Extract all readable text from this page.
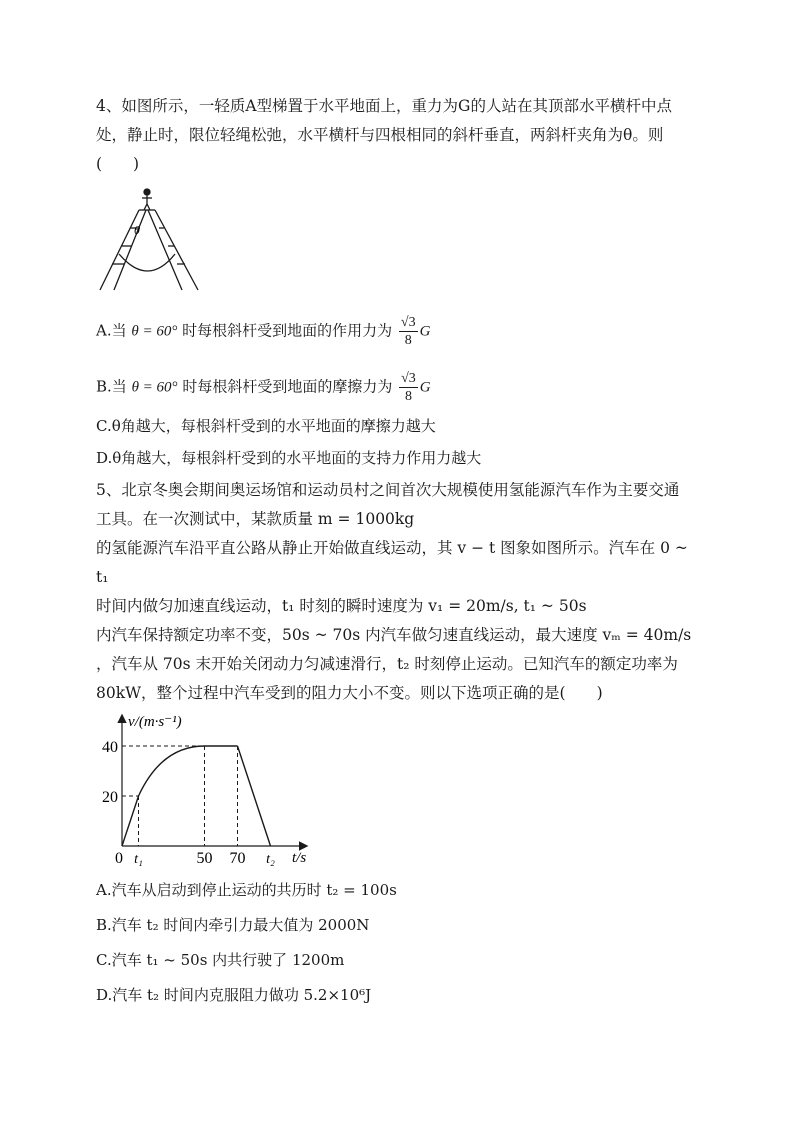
4、如图所示，一轻质A型梯置于水平地面上，重力为G的人站在其顶部水平横杆中点处，静止时，限位轻绳松弛，水平横杆与四根相同的斜杆垂直，两斜杆夹角为θ。则(　　)
θ
A.当 θ = 60° 时每根斜杆受到地面的作用力为 $\frac{√3}{8}$ G
B.当 θ = 60° 时每根斜杆受到地面的摩擦力为 $\frac{√3}{8}$ G
C.θ角越大，每根斜杆受到的水平地面的摩擦力越大
D.θ角越大，每根斜杆受到的水平地面的支持力作用力越大
5、北京冬奥会期间奥运场馆和运动员村之间首次大规模使用氢能源汽车作为主要交通
工具。在一次测试中，某款质量 m = 1000kg
的氢能源汽车沿平直公路从静止开始做直线运动，其 v − t 图象如图所示。汽车在 0 ~ t₁
时间内做匀加速直线运动，t₁ 时刻的瞬时速度为 v₁ = 20m/s, t₁ ~ 50s
内汽车保持额定功率不变，50s ~ 70s 内汽车做匀速直线运动，最大速度 vₘ = 40m/s
，汽车从 70s 末开始关闭动力匀减速滑行，t₂ 时刻停止运动。已知汽车的额定功率为
80kW，整个过程中汽车受到的阻力大小不变。则以下选项正确的是(　　)
v/(m·s⁻¹)
t/s
20
40
0 t₁	50 70 t₂
A.汽车从启动到停止运动的共历时 t₂ = 100s
B.汽车 t₂ 时间内牵引力最大值为 2000N
C.汽车 t₁ ~ 50s 内共行驶了 1200m
D.汽车 t₂ 时间内克服阻力做功 5.2×10⁶J
